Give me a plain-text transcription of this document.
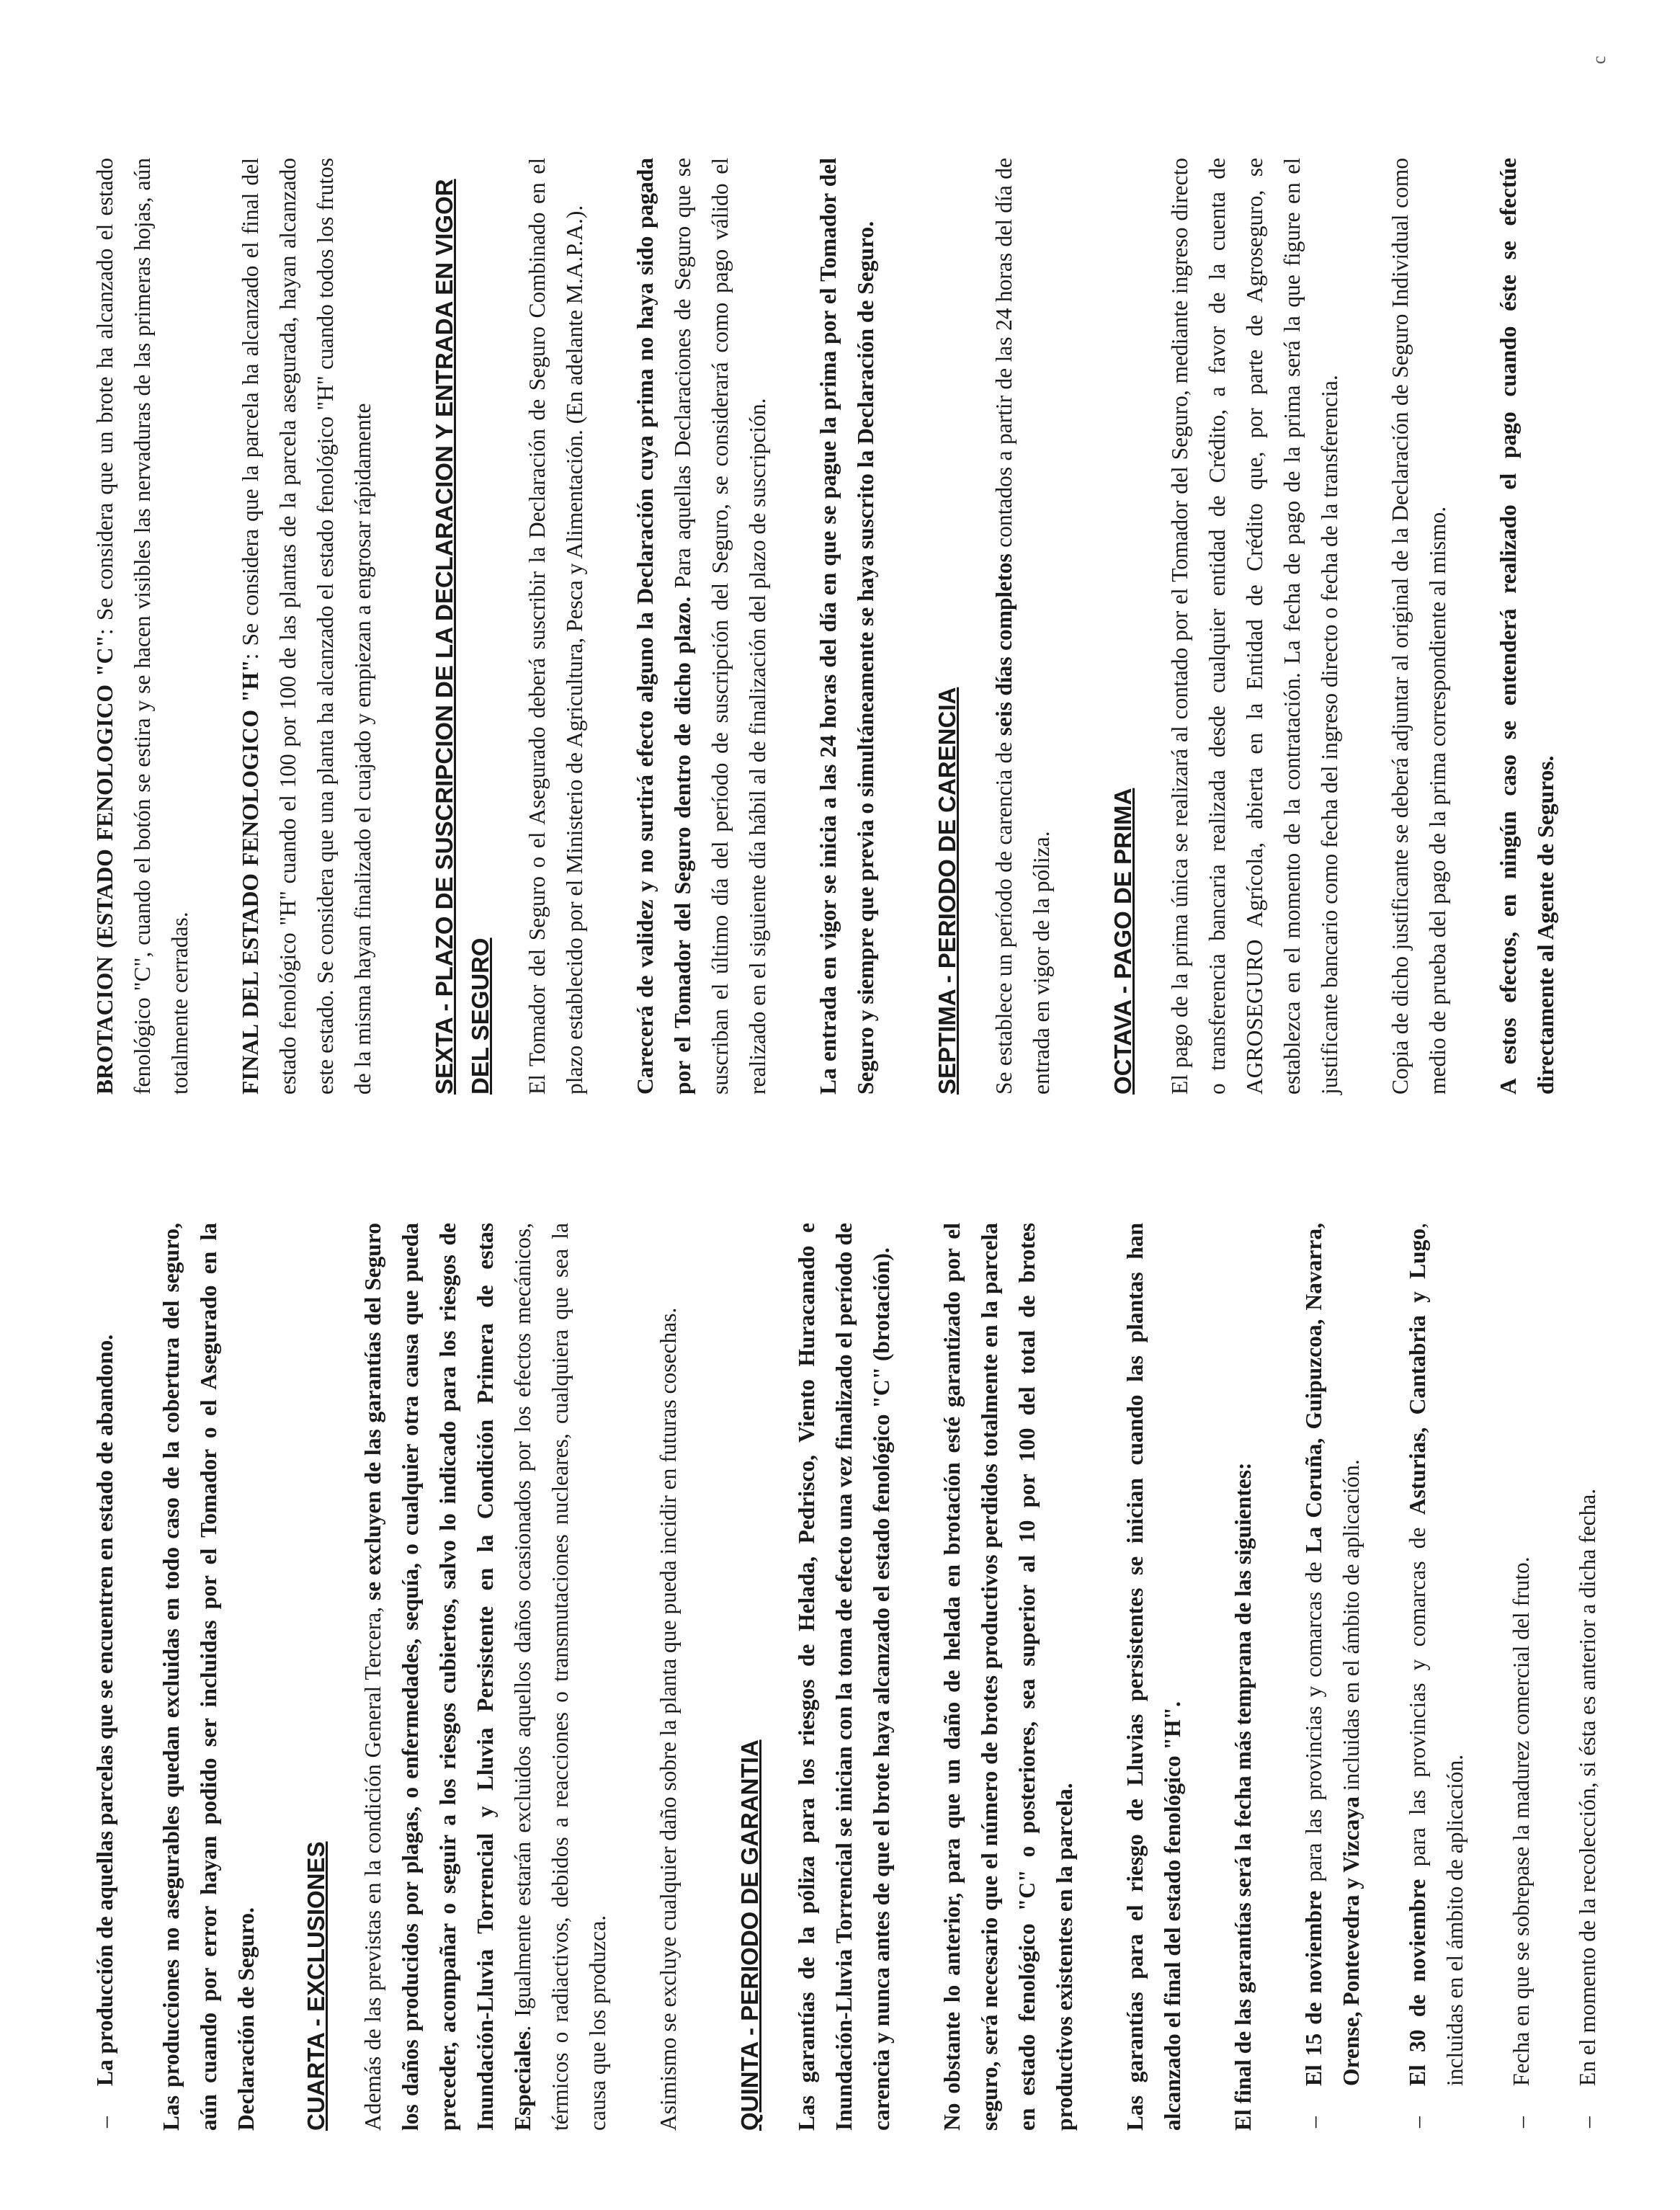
–
La producción de aquellas parcelas que se encuentren en estado de abandono. Las producciones no asegurables quedan excluidas en todo caso de la cobertura del seguro, aún cuando por error hayan podido ser incluidas por el Tomador o el Asegurado en la Declaración de Seguro. CUARTA - EXCLUSIONES Además de las previstas en la condición General Tercera, se excluyen de las garantías del Seguro los daños producidos por plagas, o enfermedades, sequía, o cualquier otra causa que pueda preceder, acompañar o seguir a los riesgos cubiertos, salvo lo indicado para los riesgos de Inundación-Lluvia Torrencial y Lluvia Persistente en la Condición Primera de estas Especiales. Igualmente estarán excluidos aquellos daños ocasionados por los efectos mecánicos, térmicos o radiactivos, debidos a reacciones o transmutaciones nucleares, cualquiera que sea la causa que los produzca. Asimismo se excluye cualquier daño sobre la planta que pueda incidir en futuras cosechas. QUINTA - PERIODO DE GARANTIA Las garantías de la póliza para los riesgos de Helada, Pedrisco, Viento Huracanado e Inundación-Lluvia Torrencial se inician con la toma de efecto una vez finalizado el período de carencia y nunca antes de que el brote haya alcanzado el estado fenológico "C" (brotación). No obstante lo anterior, para que un daño de helada en brotación esté garantizado por el seguro, será necesario que el número de brotes productivos perdidos totalmente en la parcela en estado fenológico "C" o posteriores, sea superior al 10 por 100 del total de brotes productivos existentes en la parcela. Las garantías para el riesgo de Lluvias persistentes se inician cuando las plantas han alcanzado el final del estado fenológico "H". El final de las garantías será la fecha más temprana de las siguientes: –
El 15 de noviembre para las provincias y comarcas de La Coruña, Guipuzcoa, Navarra, Orense, Pontevedra y Vizcaya incluidas en el ámbito de aplicación.
–
El 30 de noviembre para las provincias y comarcas de Asturias, Cantabria y Lugo, incluidas en el ámbito de aplicación.
–
Fecha en que se sobrepase la madurez comercial del fruto.
–
En el momento de la recolección, si ésta es anterior a dicha fecha.

BROTACION (ESTADO FENOLOGICO "C": Se considera que un brote ha alcanzado el estado fenológico "C", cuando el botón se estira y se hacen visibles las nervaduras de las primeras hojas, aún totalmente cerradas. FINAL DEL ESTADO FENOLOGICO "H": Se considera que la parcela ha alcanzado el final del estado fenológico "H" cuando el 100 por 100 de las plantas de la parcela asegurada, hayan alcanzado este estado. Se considera que una planta ha alcanzado el estado fenológico "H" cuando todos los frutos de la misma hayan finalizado el cuajado y empiezan a engrosar rápidamente SEXTA - PLAZO DE SUSCRIPCION DE LA DECLARACION Y ENTRADA EN VIGOR DEL SEGURO El Tomador del Seguro o el Asegurado deberá suscribir la Declaración de Seguro Combinado en el plazo establecido por el Ministerio de Agricultura, Pesca y Alimentación. (En adelante M.A.P.A.). Carecerá de validez y no surtirá efecto alguno la Declaración cuya prima no haya sido pagada por el Tomador del Seguro dentro de dicho plazo. Para aquellas Declaraciones de Seguro que se suscriban el último día del período de suscripción del Seguro, se considerará como pago válido el realizado en el siguiente día hábil al de finalización del plazo de suscripción. La entrada en vigor se inicia a las 24 horas del día en que se pague la prima por el Tomador del Seguro y siempre que previa o simultáneamente se haya suscrito la Declaración de Seguro. SEPTIMA - PERIODO DE CARENCIA Se establece un período de carencia de seis días completos contados a partir de las 24 horas del día de entrada en vigor de la póliza. OCTAVA - PAGO DE PRIMA El pago de la prima única se realizará al contado por el Tomador del Seguro, mediante ingreso directo o transferencia bancaria realizada desde cualquier entidad de Crédito, a favor de la cuenta de AGROSEGURO Agrícola, abierta en la Entidad de Crédito que, por parte de Agroseguro, se establezca en el momento de la contratación. La fecha de pago de la prima será la que figure en el justificante bancario como fecha del ingreso directo o fecha de la transferencia. Copia de dicho justificante se deberá adjuntar al original de la Declaración de Seguro Individual como medio de prueba del pago de la prima correspondiente al mismo. A estos efectos, en ningún caso se entenderá realizado el pago cuando éste se efectúe directamente al Agente de Seguros.

c
